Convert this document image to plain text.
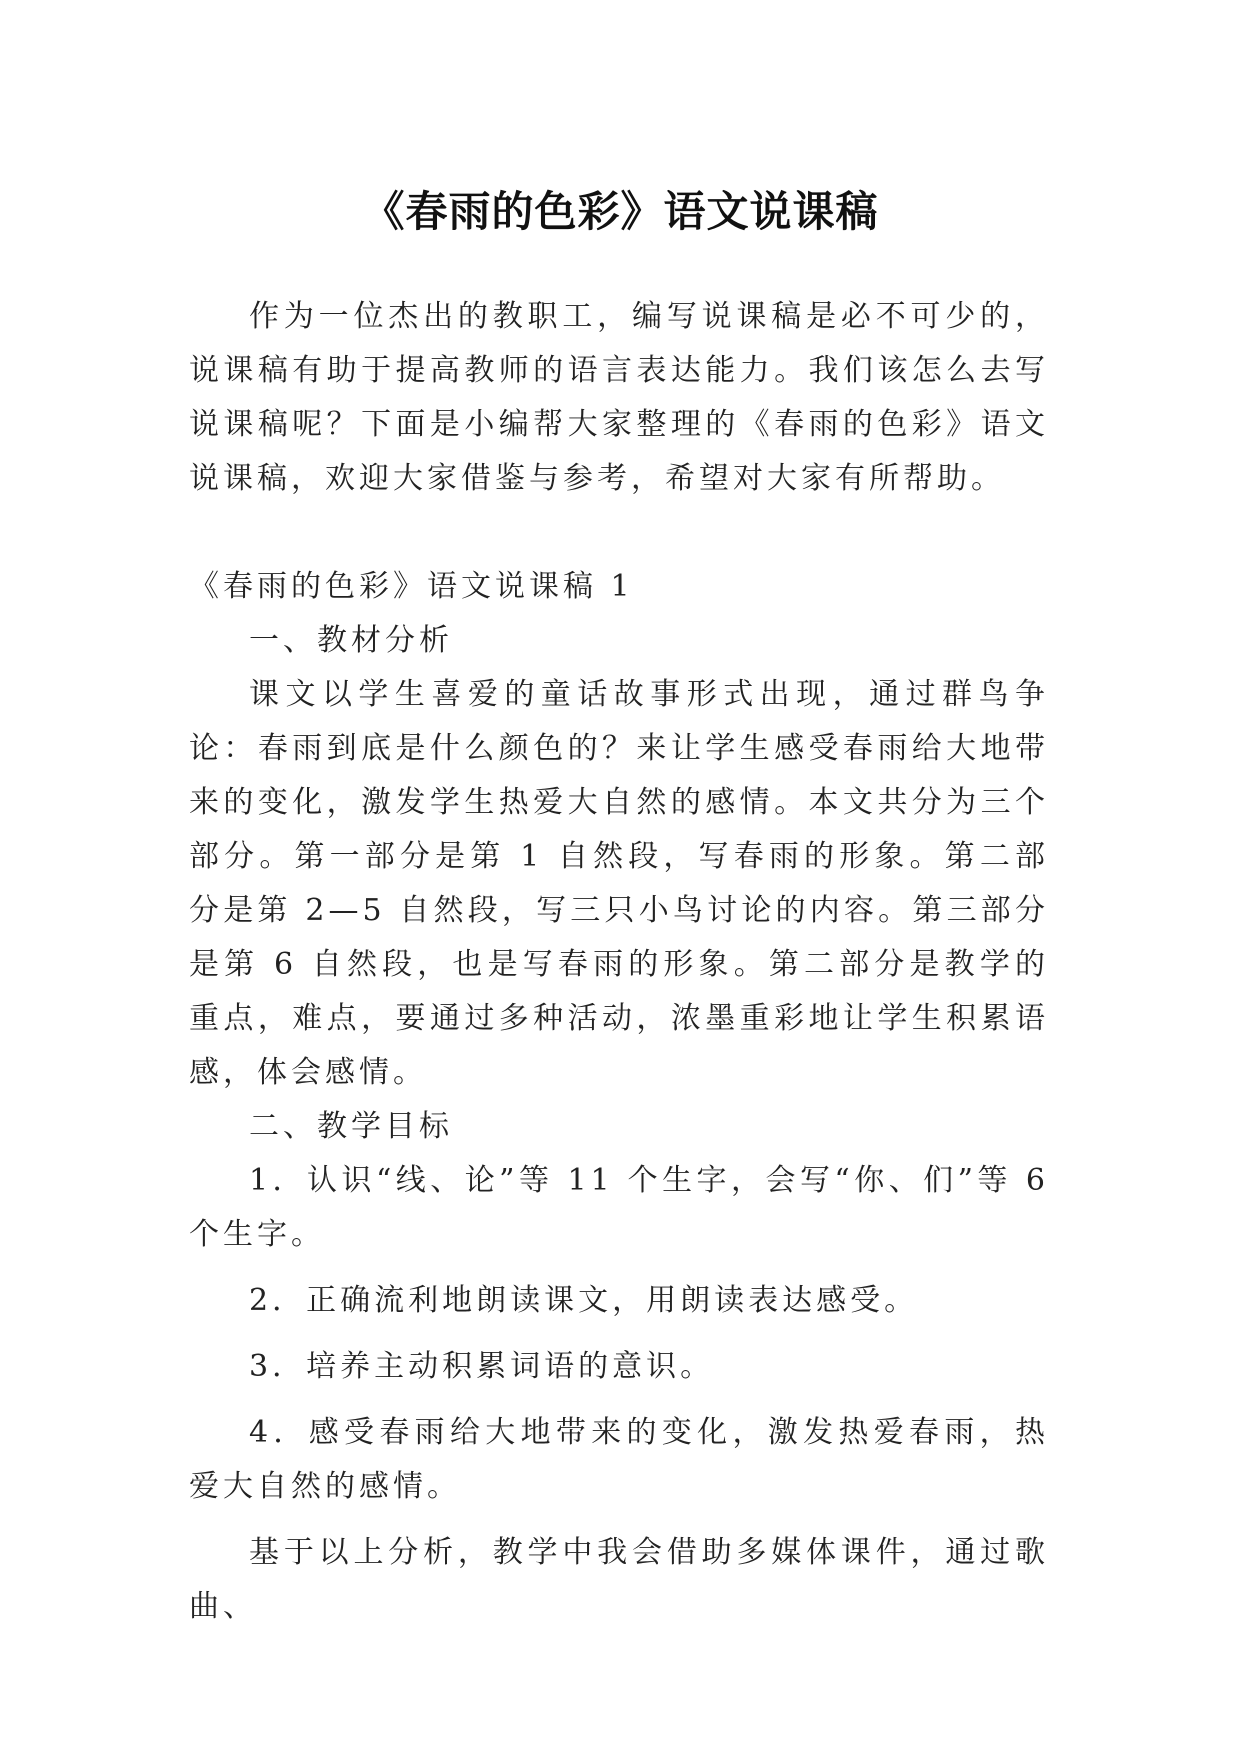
《春雨的色彩》语文说课稿

作为一位杰出的教职工，编写说课稿是必不可少的，说课稿有助于提高教师的语言表达能力。我们该怎么去写说课稿呢？下面是小编帮大家整理的《春雨的色彩》语文说课稿，欢迎大家借鉴与参考，希望对大家有所帮助。

《春雨的色彩》语文说课稿 1

一、教材分析

课文以学生喜爱的童话故事形式出现，通过群鸟争论：春雨到底是什么颜色的？来让学生感受春雨给大地带来的变化，激发学生热爱大自然的感情。本文共分为三个部分。第一部分是第 1 自然段，写春雨的形象。第二部分是第 2—5 自然段，写三只小鸟讨论的内容。第三部分是第 6 自然段，也是写春雨的形象。第二部分是教学的重点，难点，要通过多种活动，浓墨重彩地让学生积累语感，体会感情。

二、教学目标

1．认识“线、论”等 11 个生字，会写“你、们”等 6 个生字。

2．正确流利地朗读课文，用朗读表达感受。

3．培养主动积累词语的意识。

4．感受春雨给大地带来的变化，激发热爱春雨，热爱大自然的感情。

基于以上分析，教学中我会借助多媒体课件，通过歌曲、
